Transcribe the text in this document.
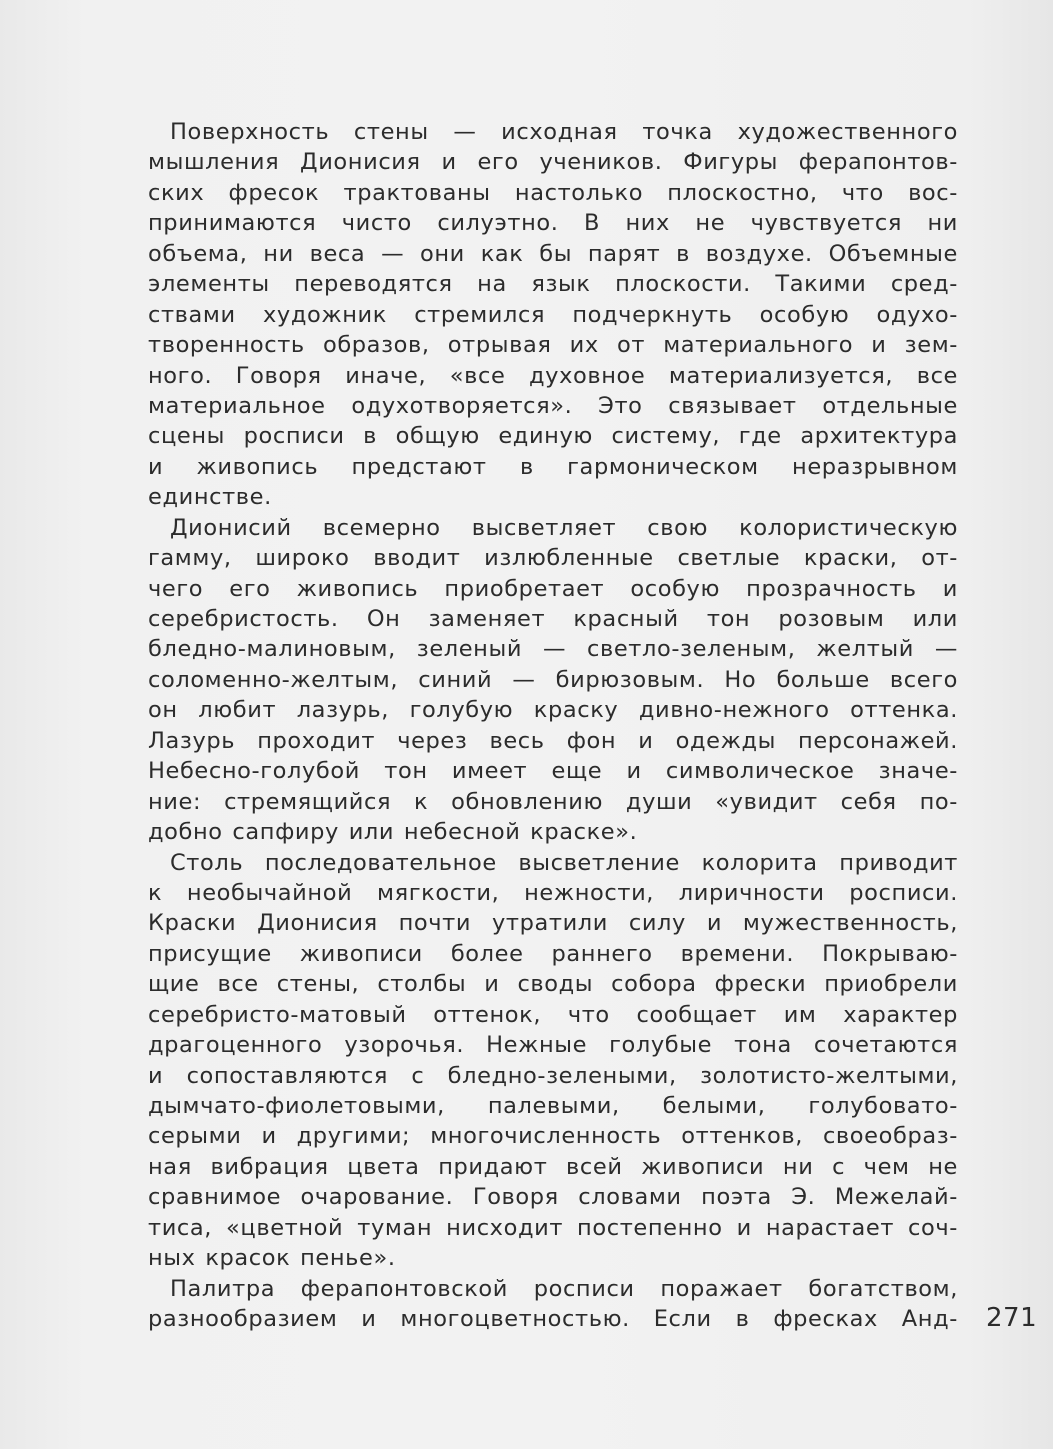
Поверхность стены — исходная точка художественного
мышления Дионисия и его учеников. Фигуры ферапонтов-
ских фресок трактованы настолько плоскостно, что вос-
принимаются чисто силуэтно. В них не чувствуется ни
объема, ни веса — они как бы парят в воздухе. Объемные
элементы переводятся на язык плоскости. Такими сред-
ствами художник стремился подчеркнуть особую одухо-
творенность образов, отрывая их от материального и зем-
ного. Говоря иначе, «все духовное материализуется, все
материальное одухотворяется». Это связывает отдельные
сцены росписи в общую единую систему, где архитектура
и живопись предстают в гармоническом неразрывном
единстве.
Дионисий всемерно высветляет свою колористическую
гамму, широко вводит излюбленные светлые краски, от-
чего его живопись приобретает особую прозрачность и
серебристость. Он заменяет красный тон розовым или
бледно-малиновым, зеленый — светло-зеленым, желтый —
соломенно-желтым, синий — бирюзовым. Но больше всего
он любит лазурь, голубую краску дивно-нежного оттенка.
Лазурь проходит через весь фон и одежды персонажей.
Небесно-голубой тон имеет еще и символическое значе-
ние: стремящийся к обновлению души «увидит себя по-
добно сапфиру или небесной краске».
Столь последовательное высветление колорита приводит
к необычайной мягкости, нежности, лиричности росписи.
Краски Дионисия почти утратили силу и мужественность,
присущие живописи более раннего времени. Покрываю-
щие все стены, столбы и своды собора фрески приобрели
серебристо-матовый оттенок, что сообщает им характер
драгоценного узорочья. Нежные голубые тона сочетаются
и сопоставляются с бледно-зелеными, золотисто-желтыми,
дымчато-фиолетовыми, палевыми, белыми, голубовато-
серыми и другими; многочисленность оттенков, своеобраз-
ная вибрация цвета придают всей живописи ни с чем не
сравнимое очарование. Говоря словами поэта Э. Межелай-
тиса, «цветной туман нисходит постепенно и нарастает соч-
ных красок пенье».
Палитра ферапонтовской росписи поражает богатством,
разнообразием и многоцветностью. Если в фресках Анд- 271
